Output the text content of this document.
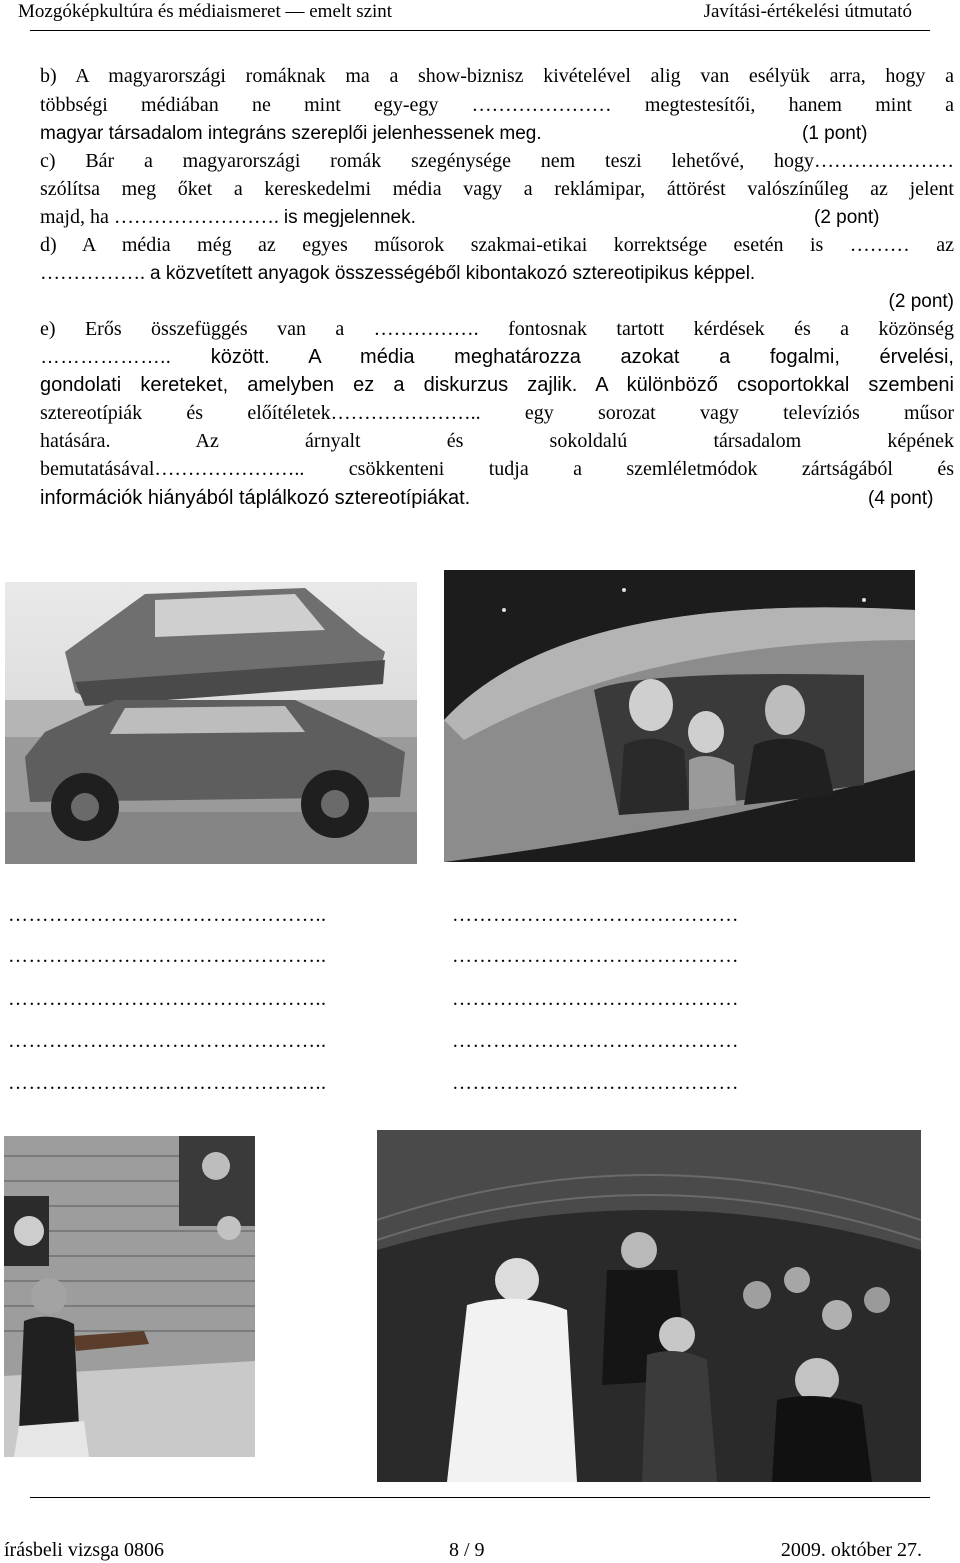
Mozgóképkultúra és médiaismeret — emelt szint	Javítási-értékelési útmutató
b) A magyarországi romáknak ma a show-biznisz kivételével alig van esélyük arra, hogy a
többségi médiában ne mint egy-egy ………………… megtestesítői, hanem mint a
magyar társadalom integráns szereplői jelenhessenek meg.	(1 pont)
c) Bár a magyarországi romák szegénysége nem teszi lehetővé, hogy…………………
szólítsa meg őket a kereskedelmi média vagy a reklámipar, áttörést valószínűleg az jelent
majd, ha ……………………. is megjelennek.	(2 pont)
d) A média még az egyes műsorok szakmai-etikai korrektsége esetén is ……… az
……………. a közvetített anyagok összességéből kibontakozó sztereotipikus képpel.
(2 pont)
e) Erős összefüggés van a ……………. fontosnak tartott kérdések és a közönség
……………….. között. A média meghatározza azokat a fogalmi, érvelési,
gondolati kereteket, amelyben ez a diskurzus zajlik. A különböző csoportokkal szembeni
sztereotípiák és előítéletek………………….. egy sorozat vagy televíziós műsor
hatására. Az árnyalt és sokoldalú társadalom képének
bemutatásával………………….. csökkenteni tudja a szemléletmódok zártságából és
információk hiányából táplálkozó sztereotípiákat.	(4 pont)
………………………………………..
………………………………………..
………………………………………..
………………………………………..
………………………………………..
……………………………………
……………………………………
……………………………………
……………………………………
……………………………………
írásbeli vizsga 0806	8 / 9	2009. október 27.
